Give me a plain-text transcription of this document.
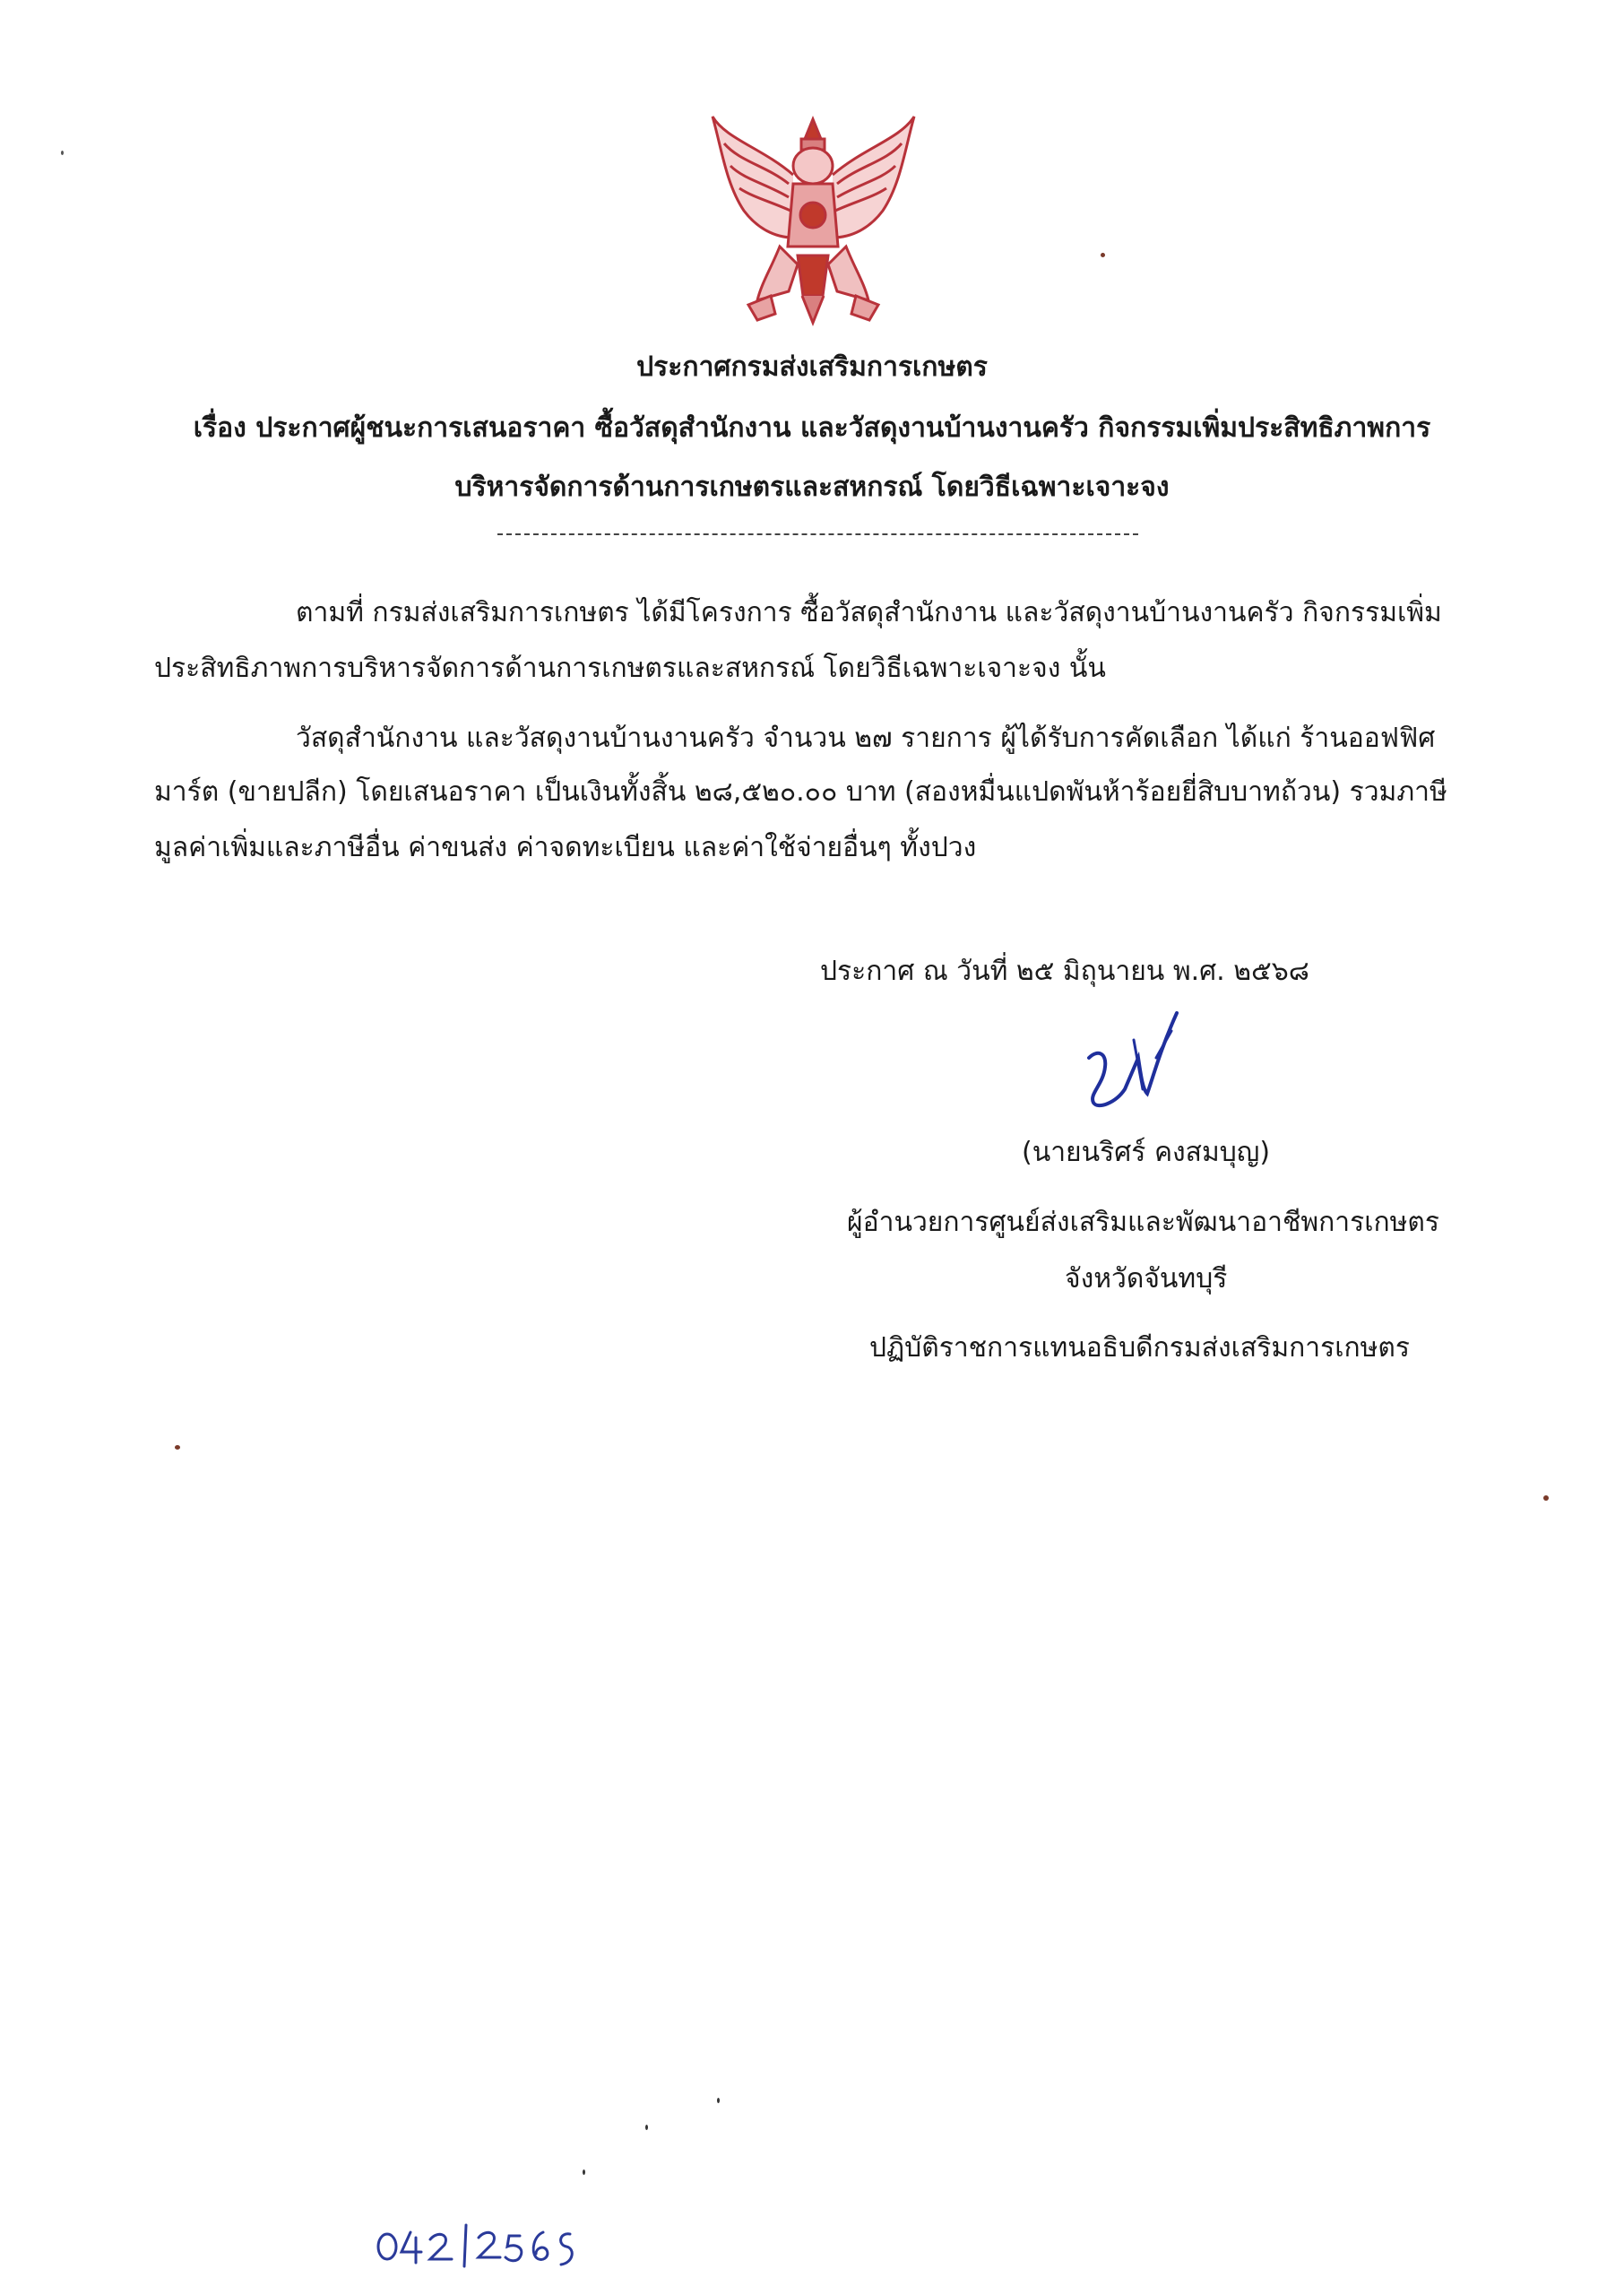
ประกาศกรมส่งเสริมการเกษตร
เรื่อง ประกาศผู้ชนะการเสนอราคา ซื้อวัสดุสำนักงาน และวัสดุงานบ้านงานครัว กิจกรรมเพิ่มประสิทธิภาพการ
บริหารจัดการด้านการเกษตรและสหกรณ์ โดยวิธีเฉพาะเจาะจง
ตามที่ กรมส่งเสริมการเกษตร ได้มีโครงการ ซื้อวัสดุสำนักงาน และวัสดุงานบ้านงานครัว กิจกรรมเพิ่ม
ประสิทธิภาพการบริหารจัดการด้านการเกษตรและสหกรณ์ โดยวิธีเฉพาะเจาะจง นั้น
วัสดุสำนักงาน และวัสดุงานบ้านงานครัว จำนวน ๒๗ รายการ ผู้ได้รับการคัดเลือก ได้แก่ ร้านออฟฟิศ
มาร์ต (ขายปลีก) โดยเสนอราคา เป็นเงินทั้งสิ้น ๒๘,๕๒๐.๐๐ บาท (สองหมื่นแปดพันห้าร้อยยี่สิบบาทถ้วน) รวมภาษี
มูลค่าเพิ่มและภาษีอื่น ค่าขนส่ง ค่าจดทะเบียน และค่าใช้จ่ายอื่นๆ ทั้งปวง
ประกาศ ณ วันที่ ๒๕ มิถุนายน พ.ศ. ๒๕๖๘
(นายนริศร์ คงสมบุญ)
ผู้อำนวยการศูนย์ส่งเสริมและพัฒนาอาชีพการเกษตร
จังหวัดจันทบุรี
ปฏิบัติราชการแทนอธิบดีกรมส่งเสริมการเกษตร
